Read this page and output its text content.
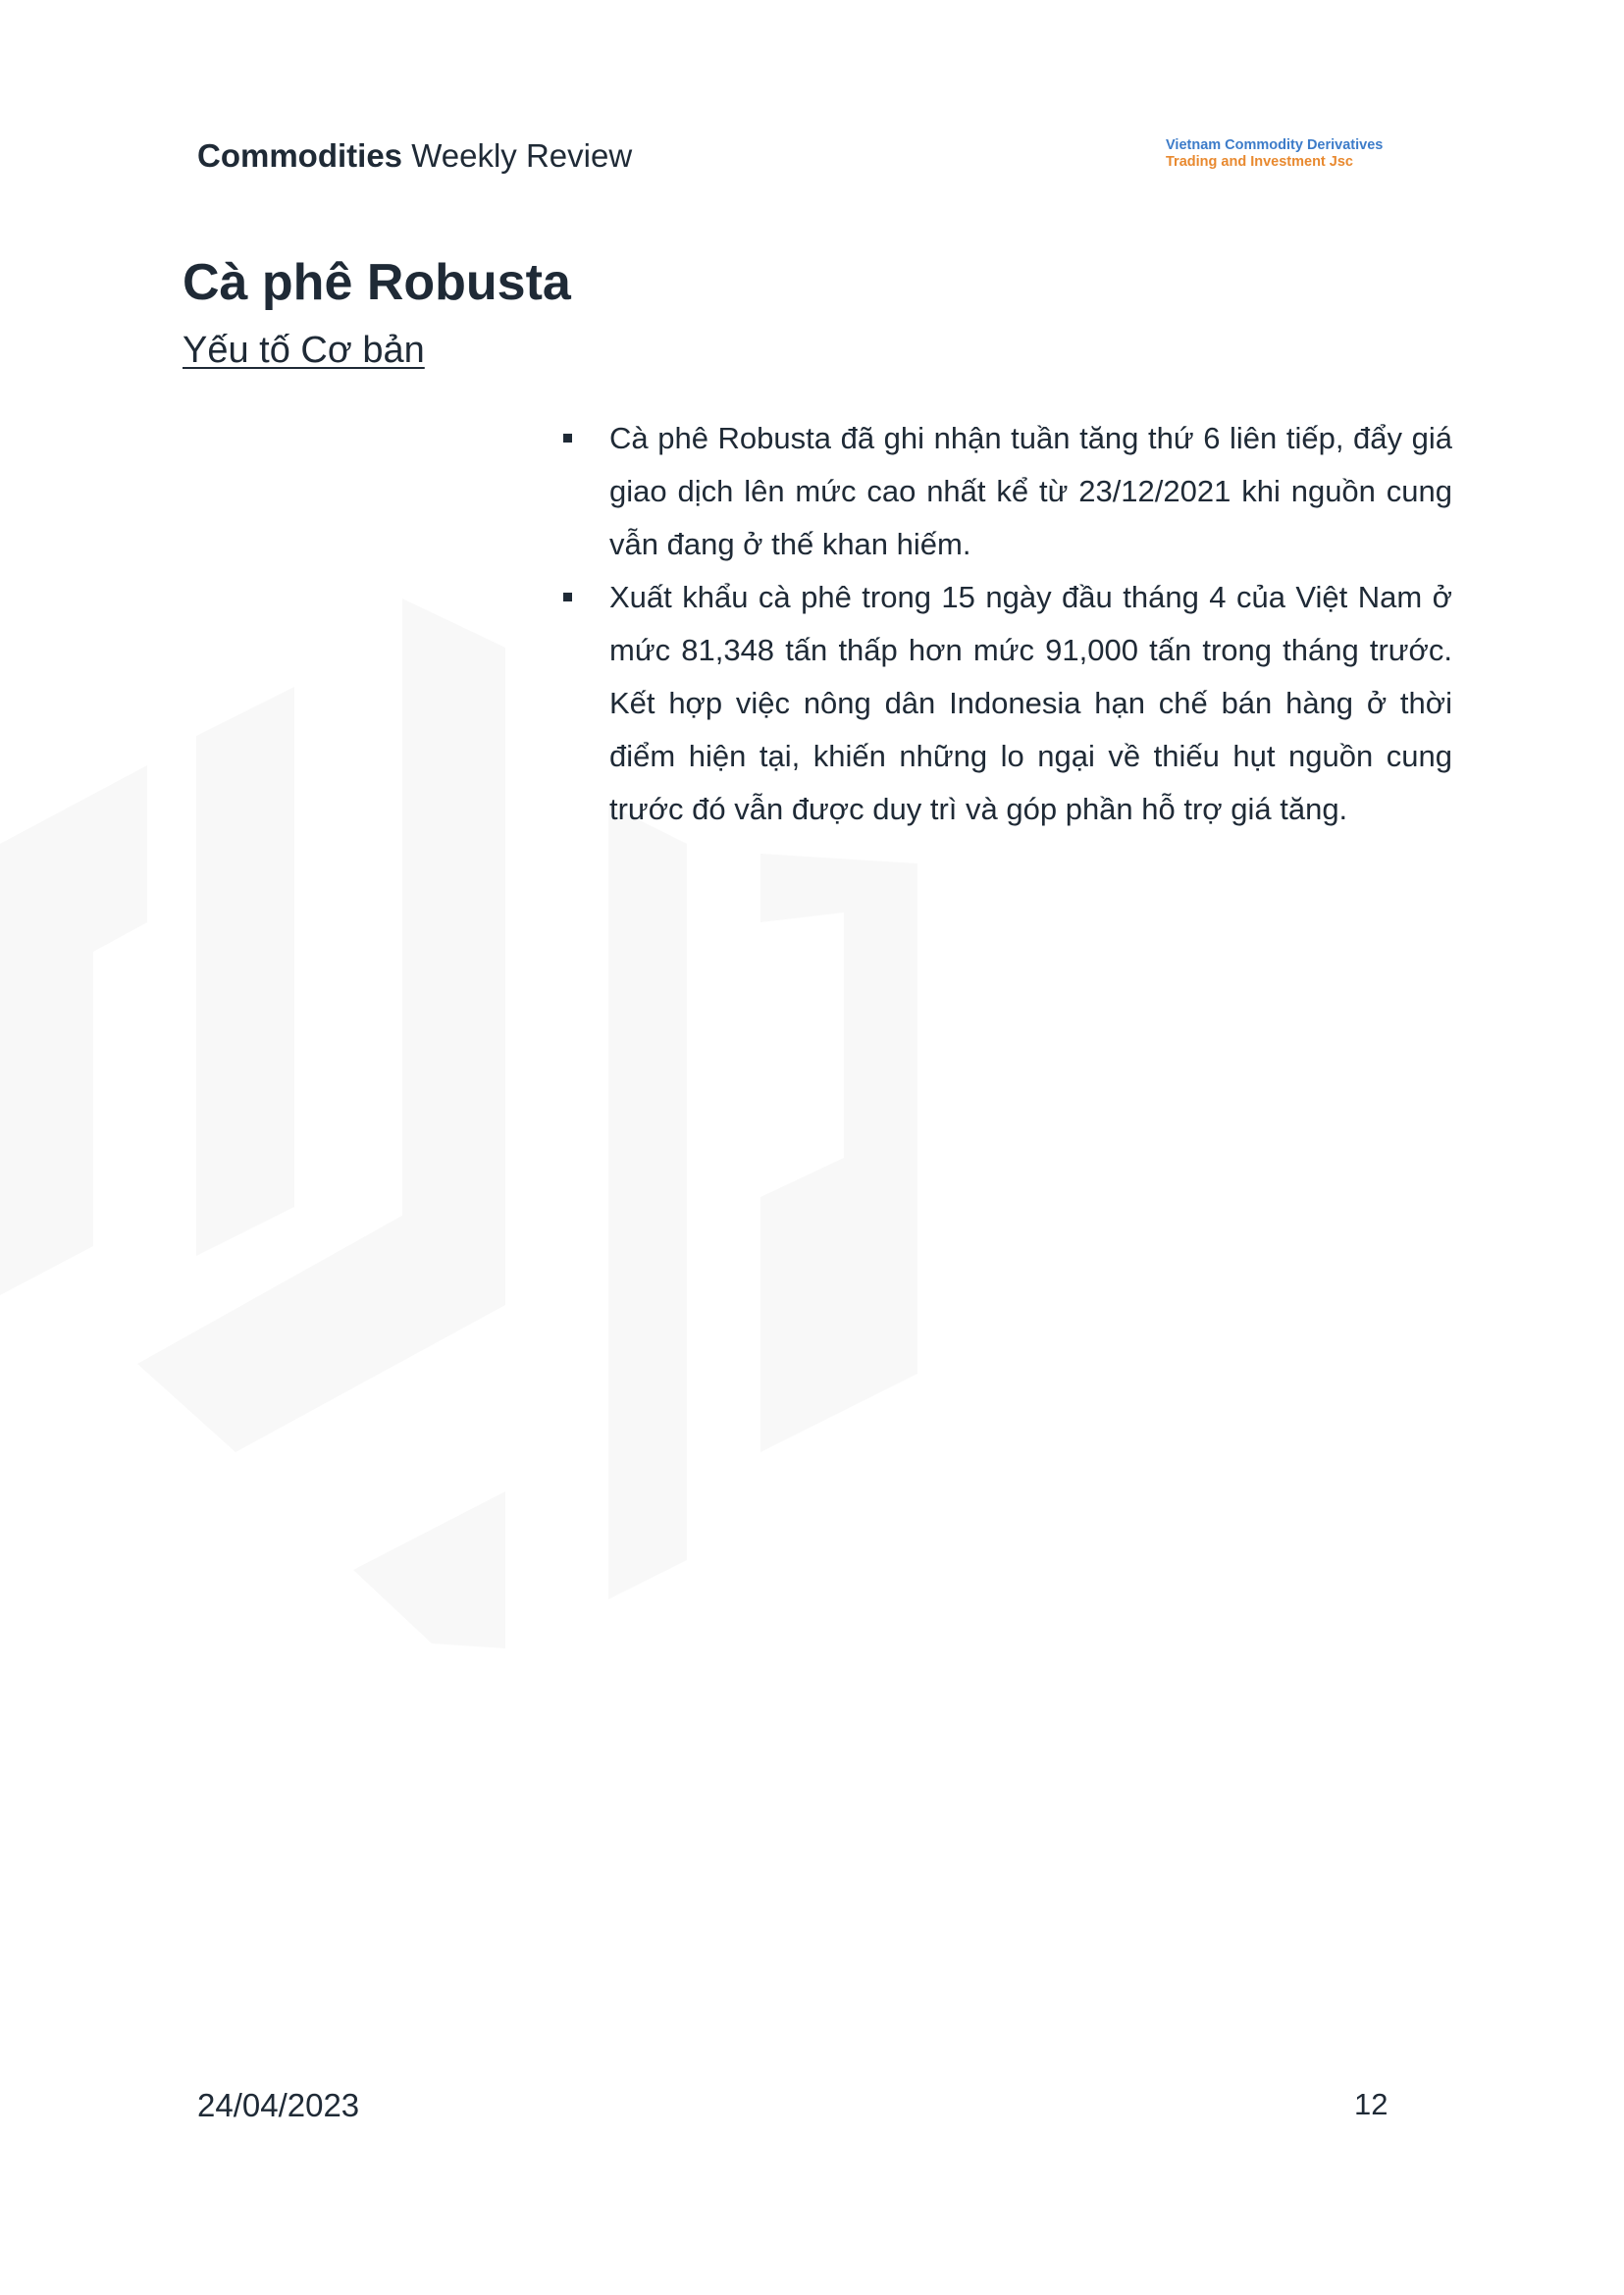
Commodities Weekly Review	Vietnam Commodity Derivatives
Trading and Investment Jsc
Cà phê Robusta
Yếu tố Cơ bản
Cà phê Robusta đã ghi nhận tuần tăng thứ 6 liên tiếp, đẩy giá giao dịch lên mức cao nhất kể từ 23/12/2021 khi nguồn cung vẫn đang ở thế khan hiếm.
Xuất khẩu cà phê trong 15 ngày đầu tháng 4 của Việt Nam ở mức 81,348 tấn thấp hơn mức 91,000 tấn trong tháng trước. Kết hợp việc nông dân Indonesia hạn chế bán hàng ở thời điểm hiện tại, khiến những lo ngại về thiếu hụt nguồn cung trước đó vẫn được duy trì và góp phần hỗ trợ giá tăng.
24/04/2023	12
